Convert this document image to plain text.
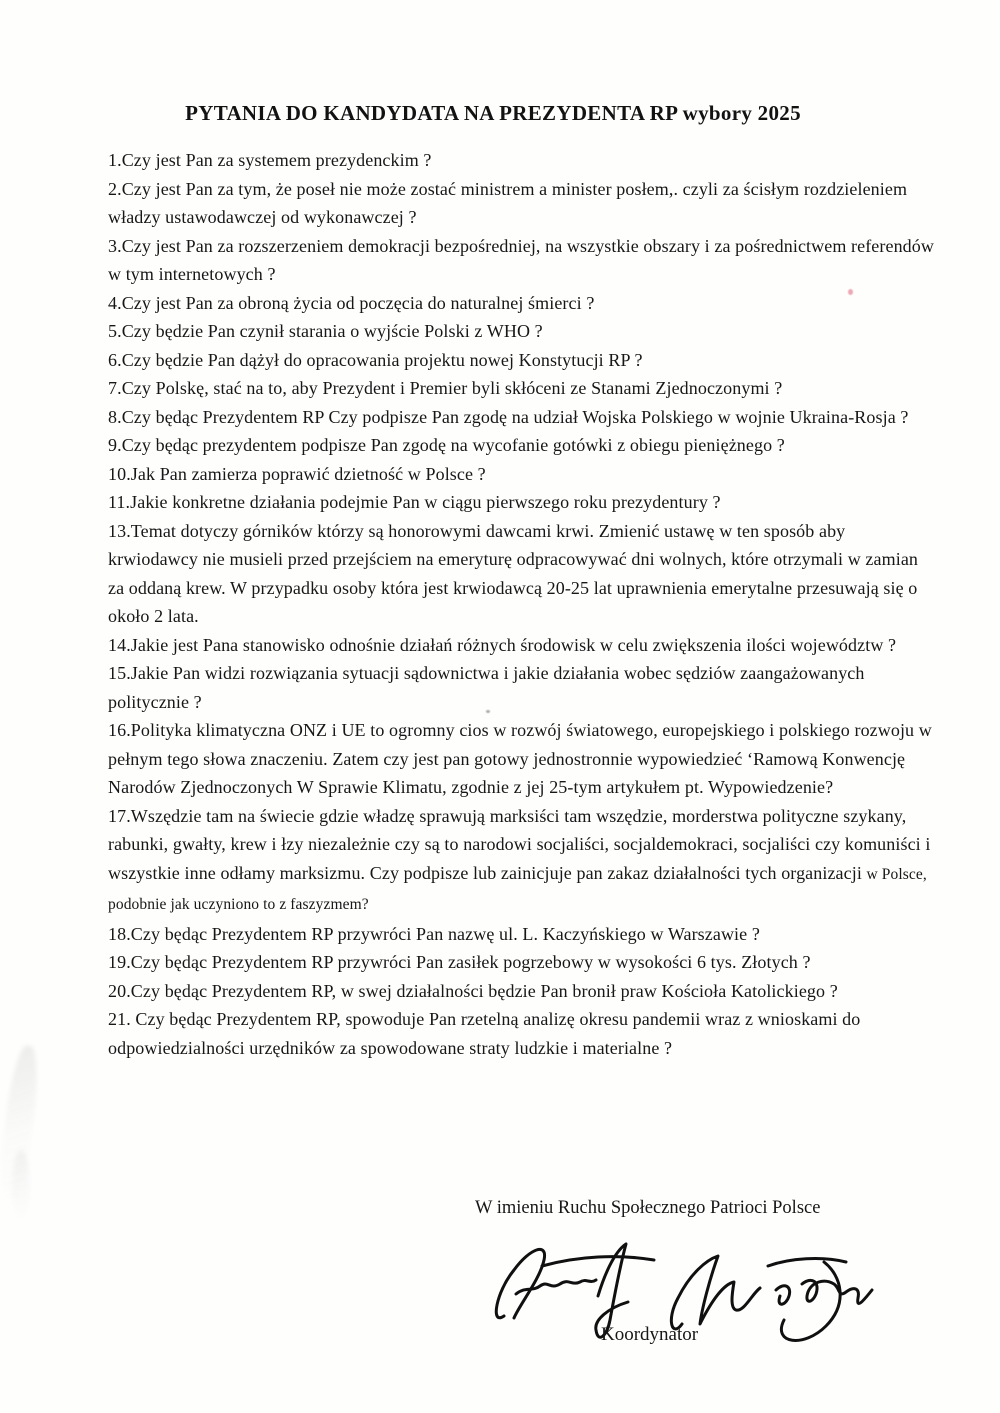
PYTANIA DO KANDYDATA NA PREZYDENTA RP wybory 2025

1.Czy jest Pan za systemem prezydenckim ?

2.Czy jest Pan za tym, że poseł nie może zostać ministrem a minister posłem,. czyli za ścisłym rozdzieleniem władzy ustawodawczej od wykonawczej ?

3.Czy jest Pan za rozszerzeniem demokracji bezpośredniej, na wszystkie obszary i za pośrednictwem referendów w tym internetowych ?

4.Czy jest Pan za obroną życia od poczęcia do naturalnej śmierci ?

5.Czy będzie Pan czynił starania o wyjście Polski z WHO ?

6.Czy będzie Pan dążył do opracowania projektu nowej Konstytucji RP ?

7.Czy Polskę, stać na to, aby Prezydent i Premier byli skłóceni ze Stanami Zjednoczonymi ?

8.Czy będąc Prezydentem RP Czy podpisze Pan zgodę na udział Wojska Polskiego w wojnie Ukraina-Rosja ?

9.Czy będąc prezydentem podpisze Pan zgodę na wycofanie gotówki z obiegu pieniężnego ?

10.Jak Pan zamierza poprawić dzietność w Polsce ?

11.Jakie konkretne działania podejmie Pan w ciągu pierwszego roku prezydentury ?

13.Temat dotyczy górników którzy są honorowymi dawcami krwi. Zmienić ustawę w ten sposób aby krwiodawcy nie musieli przed przejściem na emeryturę odpracowywać dni wolnych, które otrzymali w zamian za oddaną krew. W przypadku osoby która jest krwiodawcą 20-25 lat uprawnienia emerytalne przesuwają się o około 2 lata.

14.Jakie jest Pana stanowisko odnośnie działań różnych środowisk w celu zwiększenia ilości województw ?

15.Jakie Pan widzi rozwiązania sytuacji sądownictwa i jakie działania wobec sędziów zaangażowanych politycznie ?

16.Polityka klimatyczna ONZ i UE to ogromny cios w rozwój światowego, europejskiego i polskiego rozwoju w pełnym tego słowa znaczeniu. Zatem czy jest pan gotowy jednostronnie wypowiedzieć ‘Ramową Konwencję Narodów Zjednoczonych W Sprawie Klimatu, zgodnie z jej 25-tym artykułem pt. Wypowiedzenie?

17.Wszędzie tam na świecie gdzie władzę sprawują marksiści tam wszędzie, morderstwa polityczne szykany, rabunki, gwałty, krew i łzy niezależnie czy są to narodowi socjaliści, socjaldemokraci, socjaliści czy komuniści i wszystkie inne odłamy marksizmu. Czy podpisze lub zainicjuje pan zakaz działalności tych organizacji w Polsce, podobnie jak uczyniono to z faszyzmem?

18.Czy będąc Prezydentem RP przywróci Pan nazwę ul. L. Kaczyńskiego w Warszawie ?

19.Czy będąc Prezydentem RP przywróci Pan zasiłek pogrzebowy w wysokości 6 tys. Złotych ?

20.Czy będąc Prezydentem RP, w swej działalności będzie Pan bronił praw Kościoła Katolickiego ?

21. Czy będąc Prezydentem RP, spowoduje Pan rzetelną analizę okresu pandemii wraz z wnioskami do odpowiedzialności urzędników za spowodowane straty ludzkie i materialne ?

W imieniu Ruchu Społecznego Patrioci Polsce

Koordynator
